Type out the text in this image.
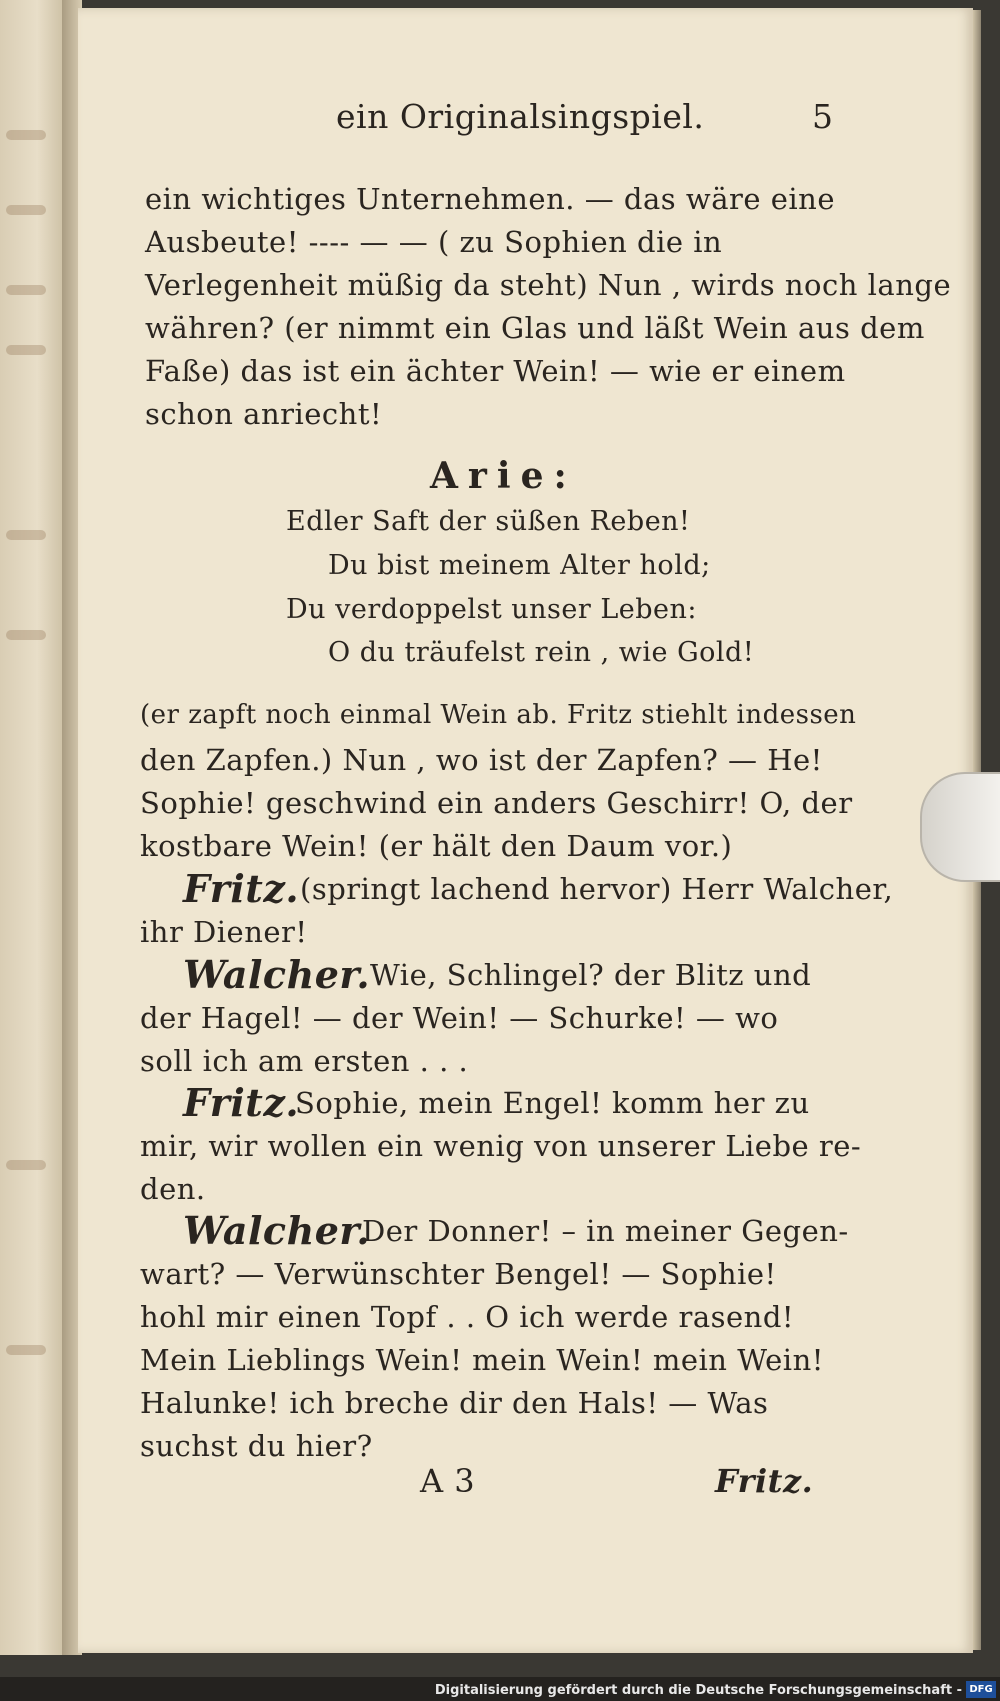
ein Originalsingspiel.	5
ein wichtiges Unternehmen. — das wäre eine
Ausbeute! ---- — — ( zu Sophien die in
Verlegenheit müßig da steht) Nun , wirds noch lange
währen? (er nimmt ein Glas und läßt Wein aus dem
Faße) das ist ein ächter Wein! — wie er einem
schon anriecht!
Arie:
Edler Saft der süßen Reben!
Du bist meinem Alter hold;
Du verdoppelst unser Leben:
O du träufelst rein , wie Gold!
(er zapft noch einmal Wein ab. Fritz stiehlt indessen
den Zapfen.) Nun , wo ist der Zapfen? — He!
Sophie! geschwind ein anders Geschirr! O, der
kostbare Wein! (er hält den Daum vor.)
Fritz. (springt lachend hervor) Herr Walcher,
ihr Diener!
Walcher. Wie, Schlingel? der Blitz und
der Hagel! — der Wein! — Schurke! — wo
soll ich am ersten . . .
Fritz.
Sophie, mein Engel! komm her zu
mir, wir wollen ein wenig von unserer Liebe re-
den.
Walcher.
Der Donner! – in meiner Gegen-
wart? — Verwünschter Bengel! — Sophie!
hohl mir einen Topf . . O ich werde rasend!
Mein Lieblings Wein! mein Wein! mein Wein!
Halunke! ich breche dir den Hals! — Was
suchst du hier?
A 3	Fritz.
Digitalisierung gefördert durch die Deutsche Forschungsgemeinschaft - DFG
